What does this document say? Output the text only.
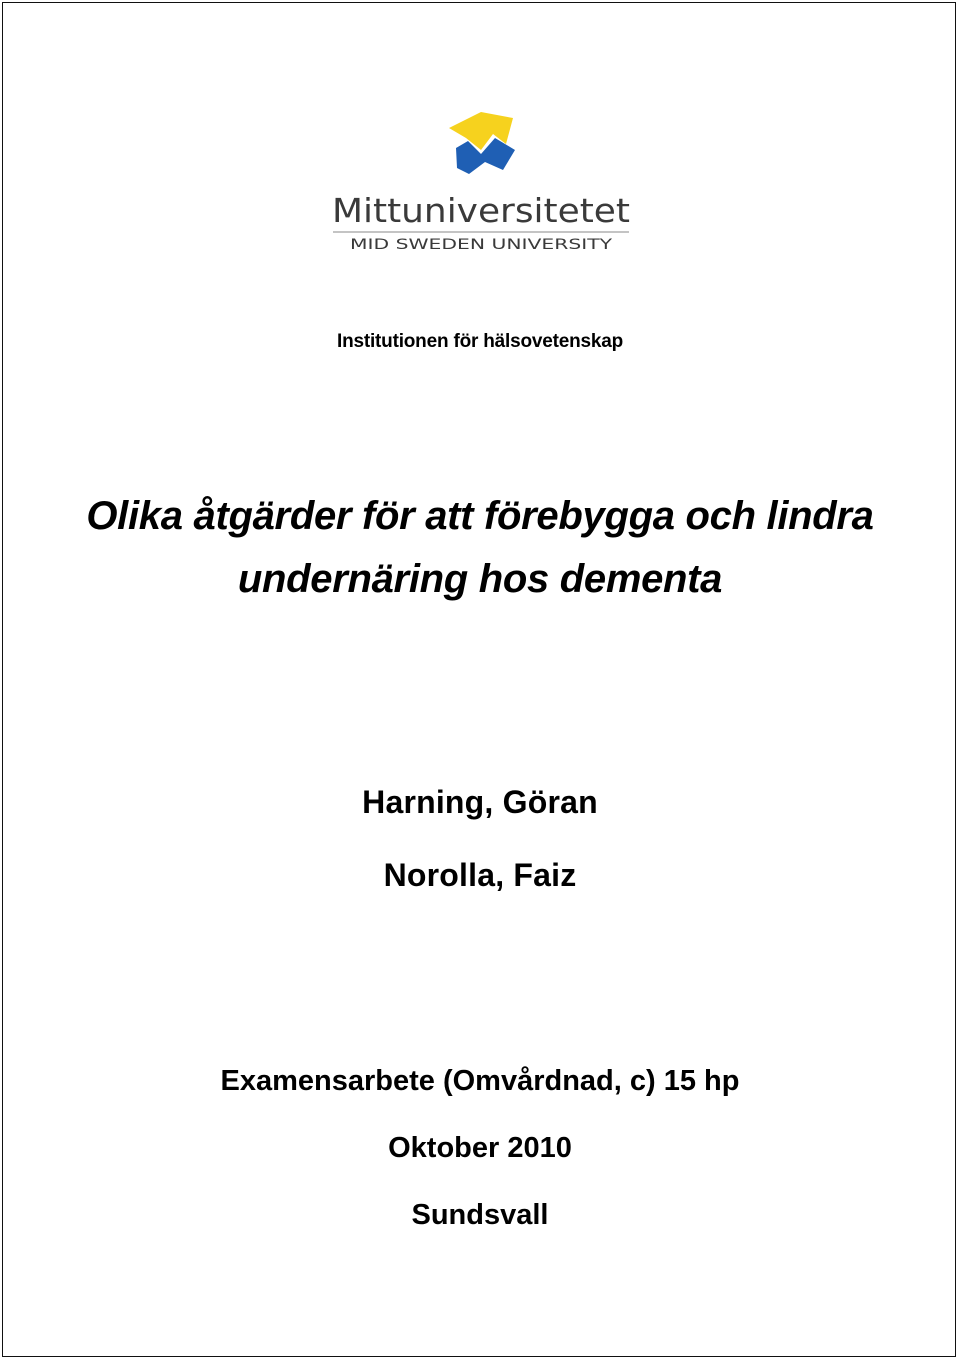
Mittuniversitetet
MID SWEDEN UNIVERSITY
Institutionen för hälsovetenskap
Olika åtgärder för att förebygga och lindra
undernäring hos dementa
Harning, Göran
Norolla, Faiz
Examensarbete (Omvårdnad, c) 15 hp
Oktober 2010
Sundsvall
